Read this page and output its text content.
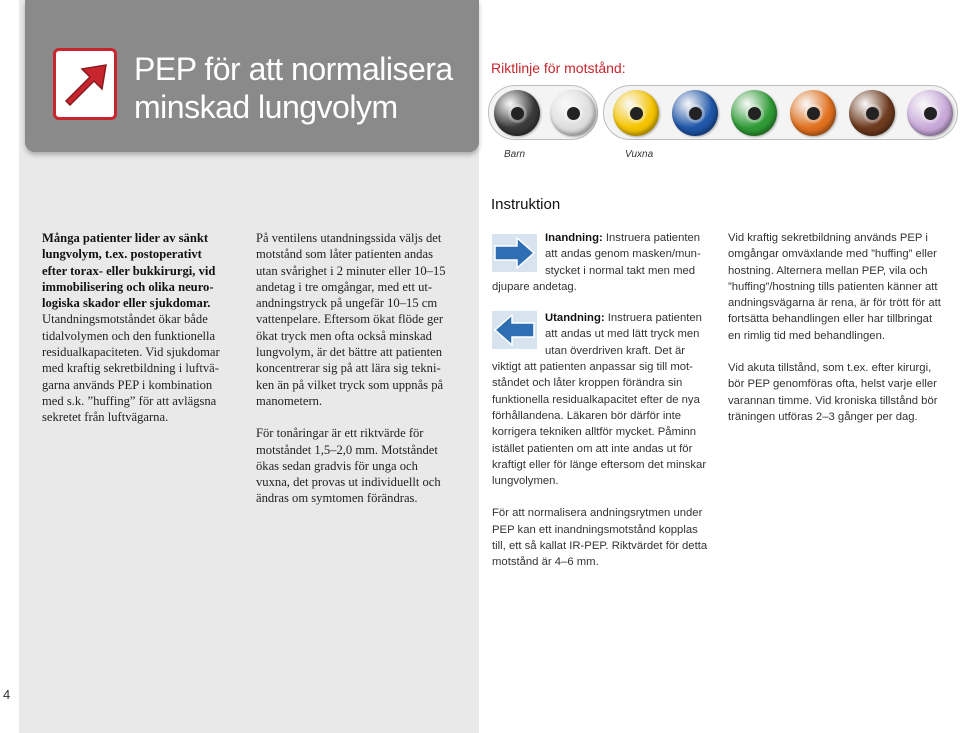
PEP för att normalisera
minskad lungvolym

Riktlinje för motstånd:

Barn	Vuxna
Instruktion

Många patienter lider av sänkt
lungvolym, t.ex. postoperativt
efter torax- eller bukkirurgi, vid
immobilisering och olika neuro-
logiska skador eller sjukdomar.

Utandningsmotståndet ökar både
tidalvolymen och den funktionella
residualkapaciteten. Vid sjukdomar
med kraftig sekretbildning i luftvä-
garna används PEP i kombination
med s.k. ”huffing” för att avlägsna
sekretet från luftvägarna.

På ventilens utandningssida väljs det
motstånd som låter patienten andas
utan svårighet i 2 minuter eller 10–15
andetag i tre omgångar, med ett ut-
andningstryck på ungefär 10–15 cm
vattenpelare. Eftersom ökat flöde ger
ökat tryck men ofta också minskad
lungvolym, är det bättre att patienten
koncentrerar sig på att lära sig tekni-
ken än på vilket tryck som uppnås på
manometern.

För tonåringar är ett riktvärde för
motståndet 1,5–2,0 mm. Motståndet
ökas sedan gradvis för unga och
vuxna, det provas ut individuellt och
ändras om symtomen förändras.

Inandning: Instruera patienten
att andas genom masken/mun-
stycket i normal takt men med
djupare andetag.
Utandning: Instruera patienten
att andas ut med lätt tryck men
utan överdriven kraft. Det är
viktigt att patienten anpassar sig till mot-
ståndet och låter kroppen förändra sin
funktionella residualkapacitet efter de nya
förhållandena. Läkaren bör därför inte
korrigera tekniken alltför mycket. Påminn
istället patienten om att inte andas ut för
kraftigt eller för länge eftersom det minskar
lungvolymen.
För att normalisera andningsrytmen under
PEP kan ett inandningsmotstånd kopplas
till, ett så kallat IR-PEP. Riktvärdet för detta
motstånd är 4–6 mm.

Vid kraftig sekretbildning används PEP i
omgångar omväxlande med ”huffing” eller
hostning. Alternera mellan PEP, vila och
”huffing”/hostning tills patienten känner att
andningsvägarna är rena, är för trött för att
fortsätta behandlingen eller har tillbringat
en rimlig tid med behandlingen.

Vid akuta tillstånd, som t.ex. efter kirurgi,
bör PEP genomföras ofta, helst varje eller
varannan timme. Vid kroniska tillstånd bör
träningen utföras 2–3 gånger per dag.

4
